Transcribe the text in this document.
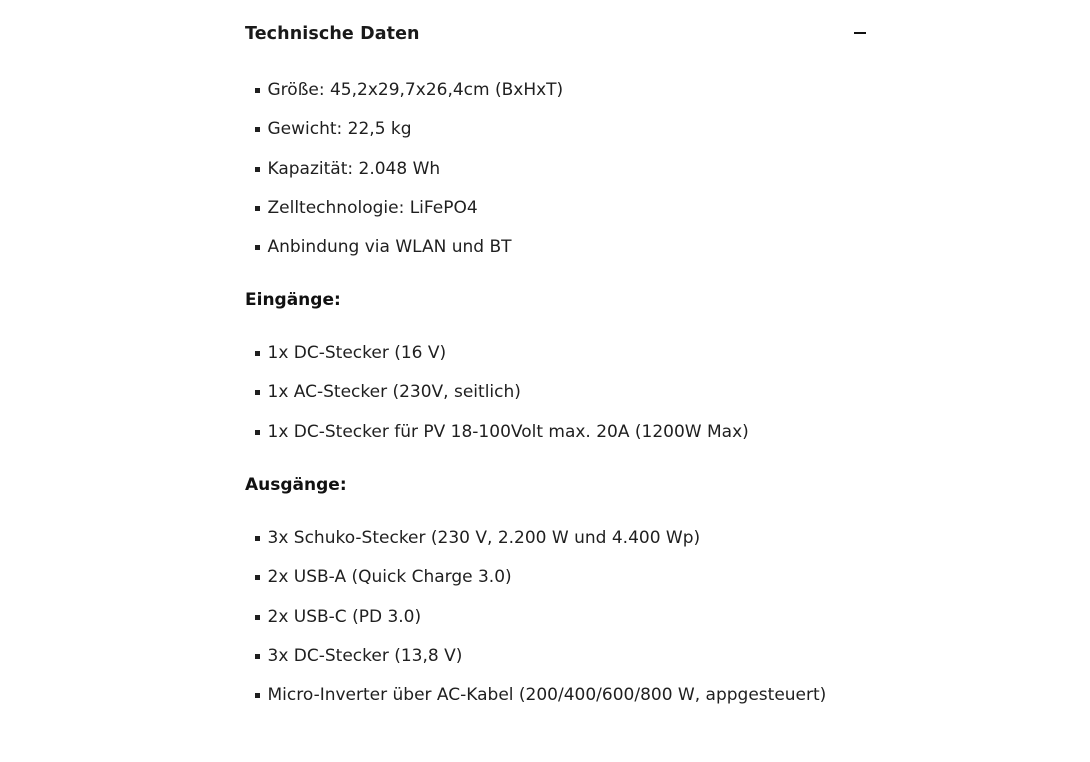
Technische Daten
Größe: 45,2x29,7x26,4cm (BxHxT)
Gewicht: 22,5 kg
Kapazität: 2.048 Wh
Zelltechnologie: LiFePO4
Anbindung via WLAN und BT
Eingänge:
1x DC-Stecker (16 V)
1x AC-Stecker (230V, seitlich)
1x DC-Stecker für PV 18-100Volt max. 20A (1200W Max)
Ausgänge:
3x Schuko-Stecker (230 V, 2.200 W und 4.400 Wp)
2x USB-A (Quick Charge 3.0)
2x USB-C (PD 3.0)
3x DC-Stecker (13,8 V)
Micro-Inverter über AC-Kabel (200/400/600/800 W, appgesteuert)
